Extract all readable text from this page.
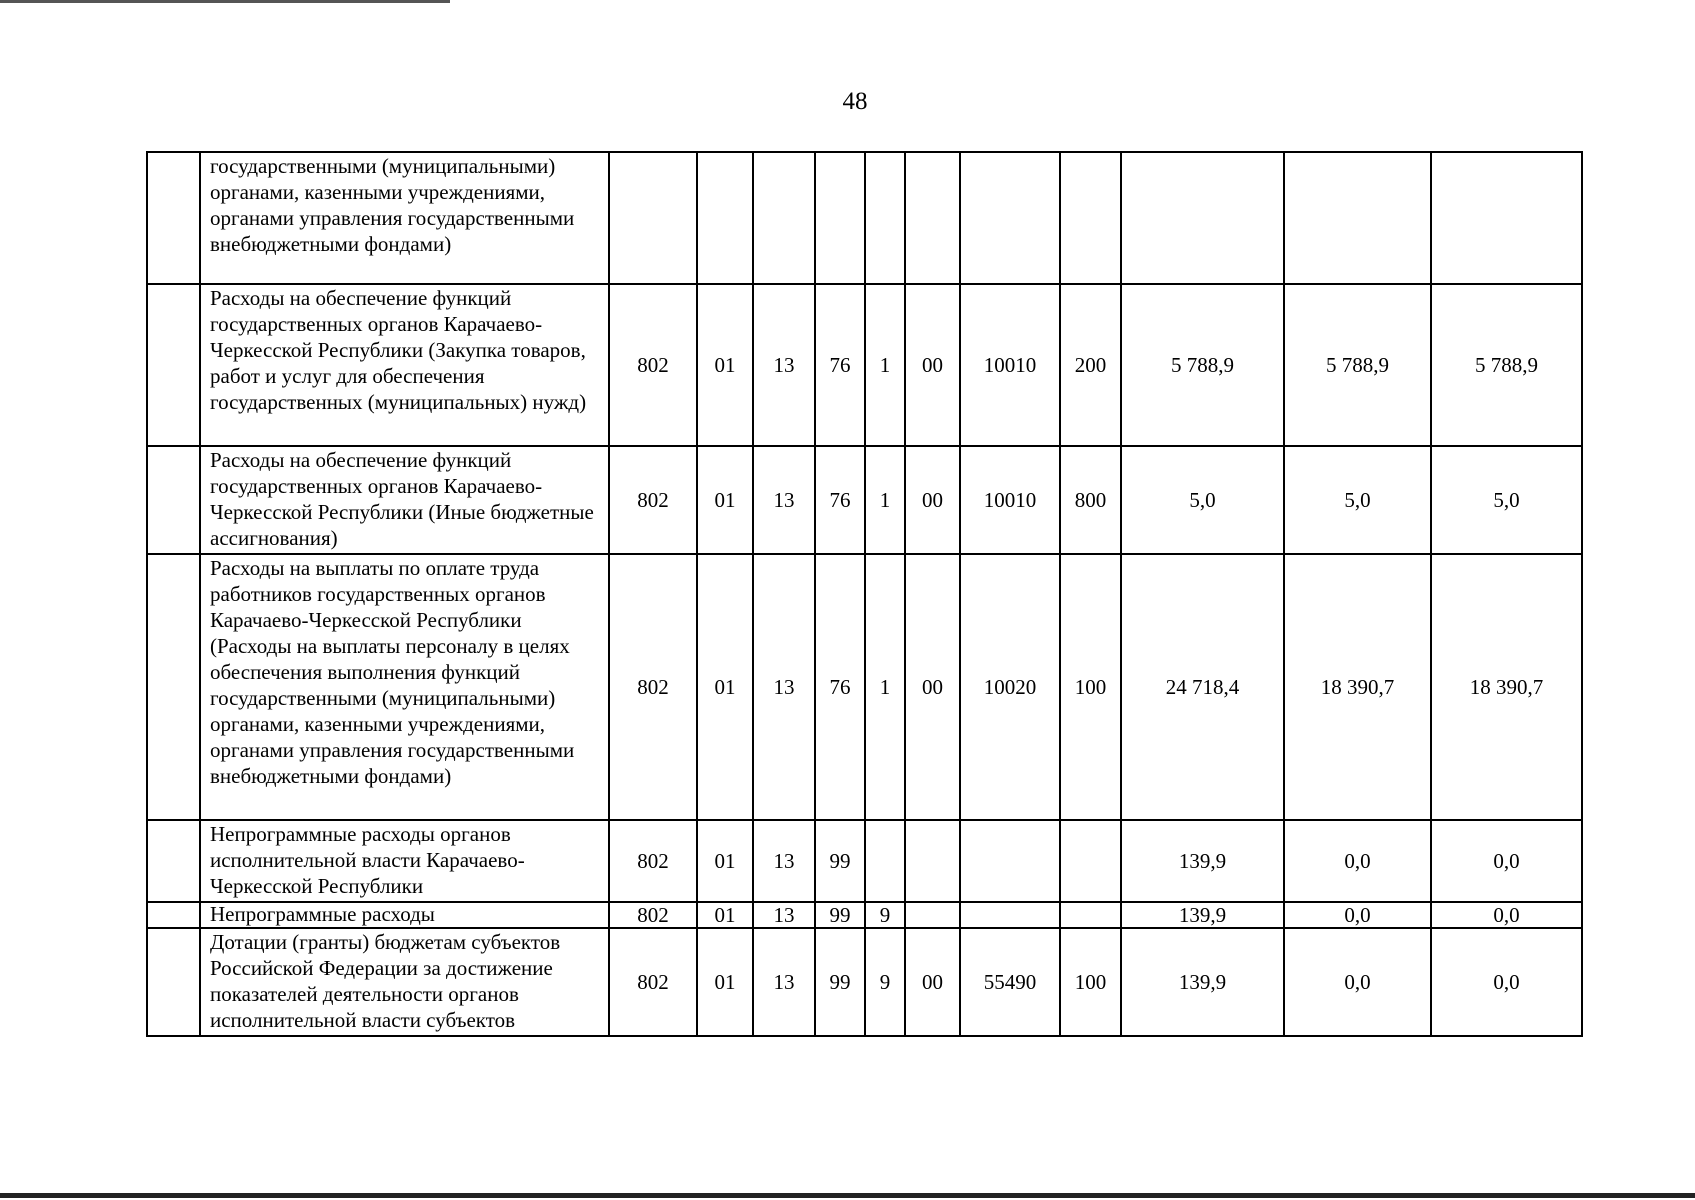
48
	государственными (муниципальными) органами, казенными учреждениями, органами управления государственными внебюджетными фондами)											
	Расходы на обеспечение функций государственных органов Карачаево-Черкесской Республики (Закупка товаров, работ и услуг для обеспечения государственных (муниципальных) нужд)	802	01	13	76	1	00	10010	200	5 788,9	5 788,9	5 788,9
	Расходы на обеспечение функций государственных органов Карачаево-Черкесской Республики (Иные бюджетные ассигнования)	802	01	13	76	1	00	10010	800	5,0	5,0	5,0
	Расходы на выплаты по оплате труда работников государственных органов Карачаево-Черкесской Республики (Расходы на выплаты персоналу в целях обеспечения выполнения функций государственными (муниципальными) органами, казенными учреждениями, органами управления государственными внебюджетными фондами)	802	01	13	76	1	00	10020	100	24 718,4	18 390,7	18 390,7
	Непрограммные расходы органов исполнительной власти Карачаево-Черкесской Республики	802	01	13	99					139,9	0,0	0,0
	Непрограммные расходы	802	01	13	99	9				139,9	0,0	0,0
	Дотации (гранты) бюджетам субъектов Российской Федерации за достижение показателей деятельности органов исполнительной власти субъектов	802	01	13	99	9	00	55490	100	139,9	0,0	0,0
